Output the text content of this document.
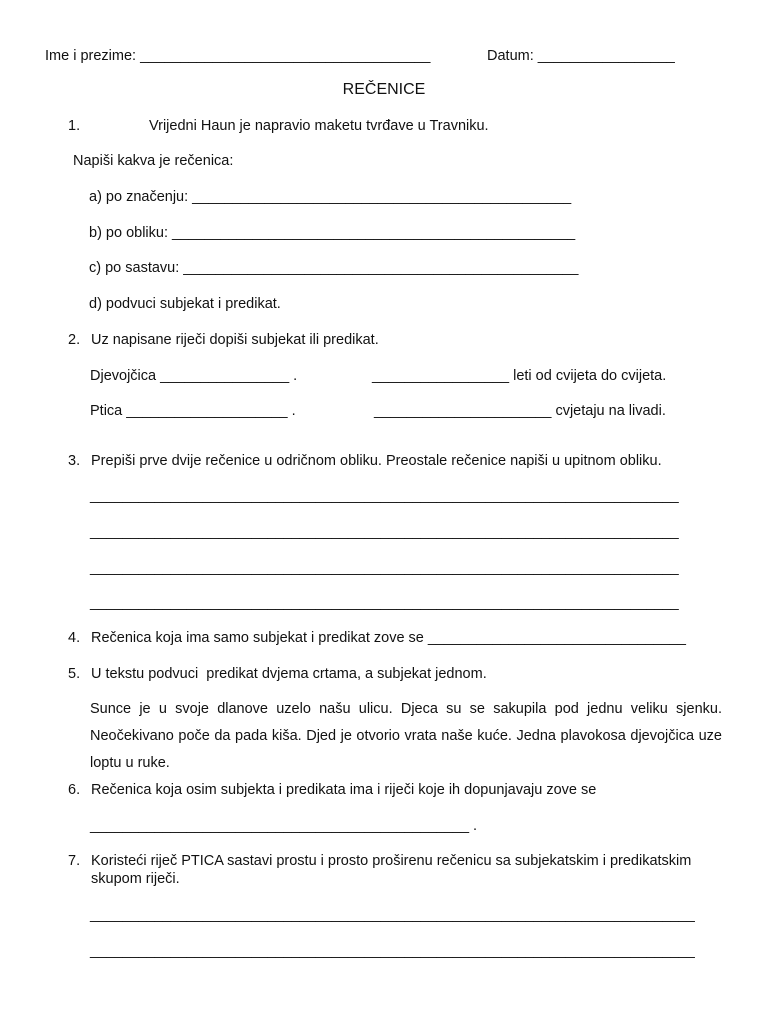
Ime i prezime: ____________________________________	Datum: _________________
REČENICE
1.	Vrijedni Haun je napravio maketu tvrđave u Travniku.
Napiši kakva je rečenica:
a) po značenju: _______________________________________________
b) po obliku: __________________________________________________
c) po sastavu: _________________________________________________
d) podvuci subjekat i predikat.
2. Uz napisane riječi dopiši subjekat ili predikat.
Djevojčica ________________ .	_________________ leti od cvijeta do cvijeta.
Ptica ____________________ .	______________________ cvjetaju na livadi.
3. Prepiši prve dvije rečenice u odričnom obliku. Preostale rečenice napiši u upitnom obliku.
_________________________________________________________________________
_________________________________________________________________________
_________________________________________________________________________
_________________________________________________________________________
4. Rečenica koja ima samo subjekat i predikat zove se ________________________________
5. U tekstu podvuci  predikat dvjema crtama, a subjekat jednom.
Sunce je u svoje dlanove uzelo našu ulicu. Djeca su se sakupila pod jednu veliku sjenku. Neočekivano poče da pada kiša. Djed je otvorio vrata naše kuće. Jedna plavokosa djevojčica uze loptu u ruke.
6. Rečenica koja osim subjekta i predikata ima i riječi koje ih dopunjavaju zove se
_______________________________________________ .
7. Koristeći riječ PTICA sastavi prostu i prosto proširenu rečenicu sa subjekatskim i predikatskim
skupom riječi.
___________________________________________________________________________
___________________________________________________________________________
